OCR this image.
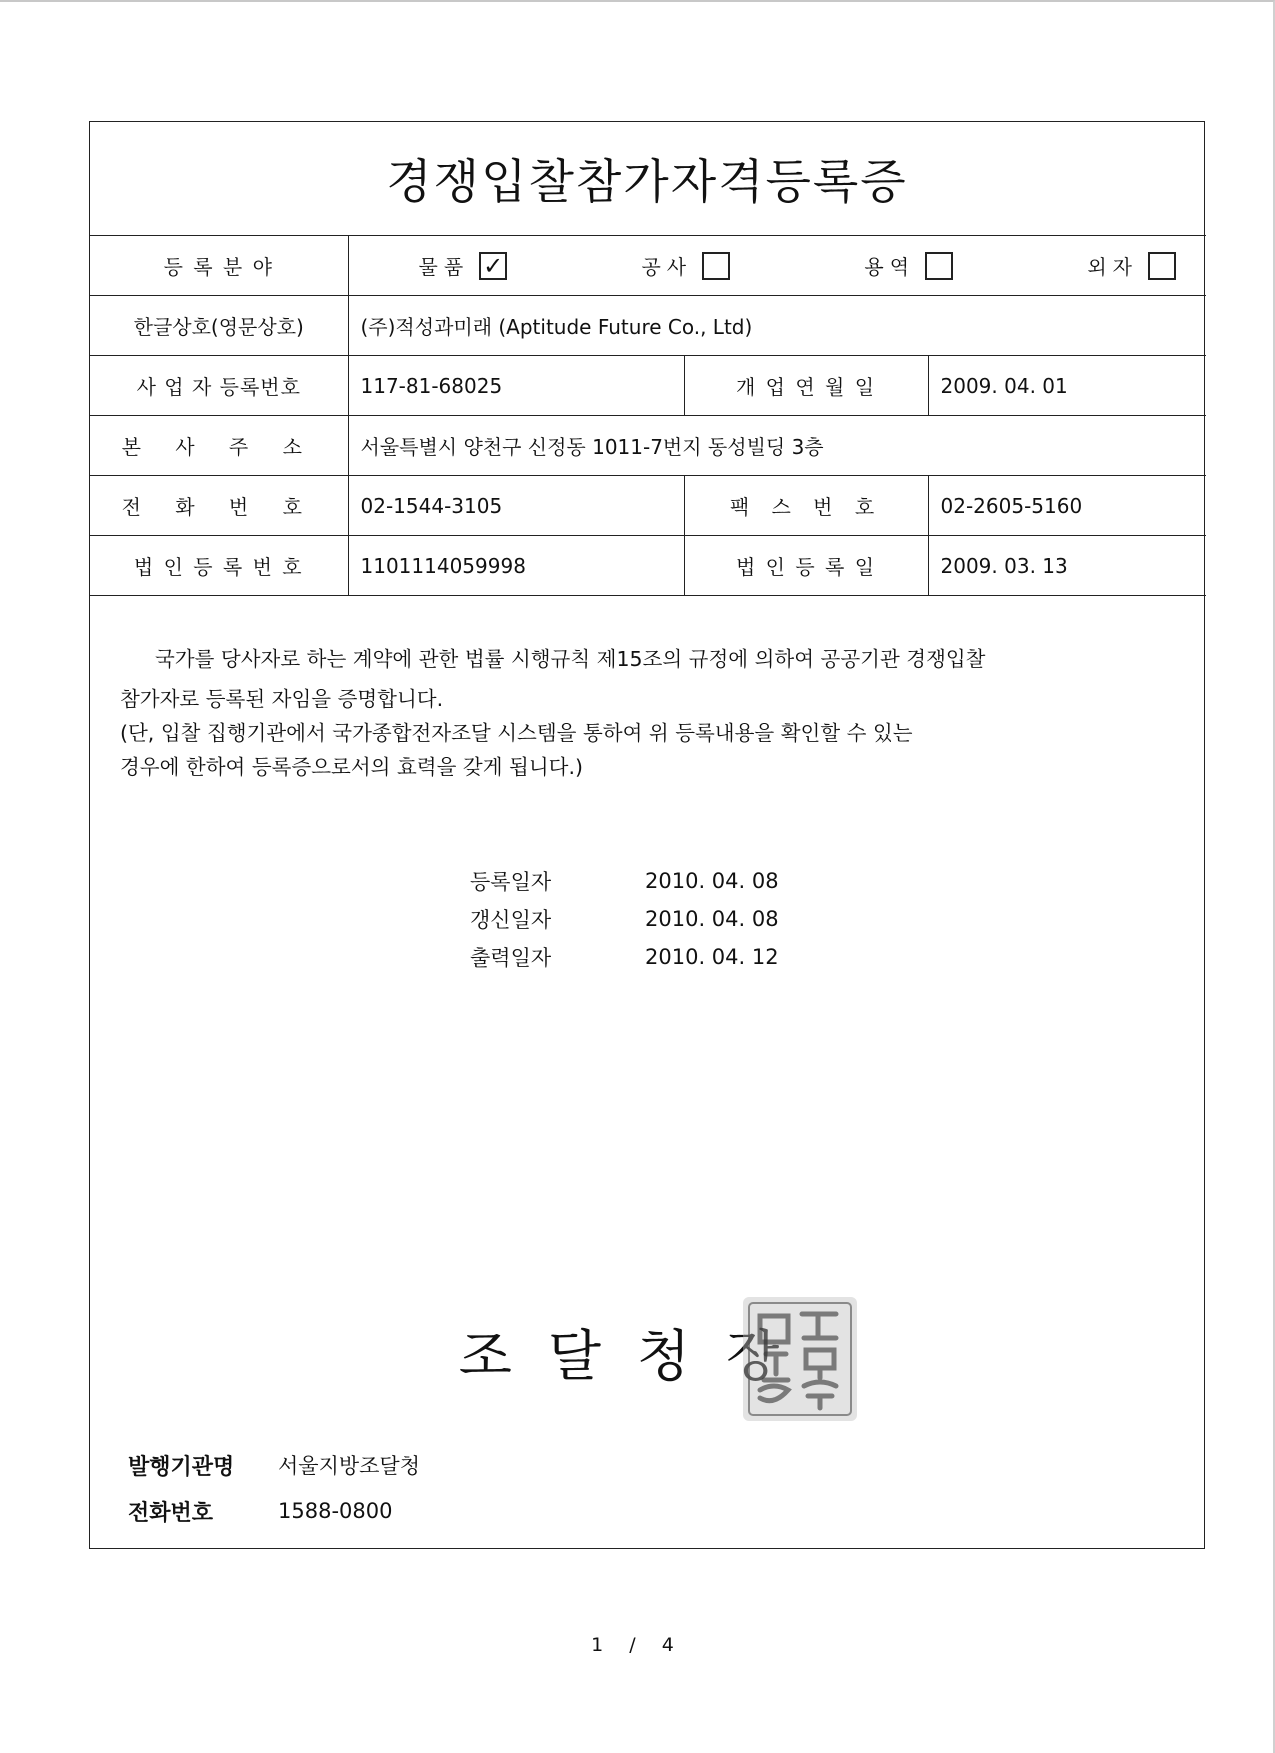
경쟁입찰참가자격등록증
등 록 분 야	물품 ✓ 공사 용역 외자		

한글상호(영문상호)	(주)적성과미래 (Aptitude Future Co., Ltd)		
사 업 자 등록번호	117-81-68025	개 업 연 월 일	2009. 04. 01
본 사 주 소	서울특별시 양천구 신정동 1011-7번지 동성빌딩 3층		
전 화 번 호	02-1544-3105	팩 스 번 호	02-2605-5160
법 인 등 록 번 호	1101114059998	법 인 등 록 일	2009. 03. 13

국가를 당사자로 하는 계약에 관한 법률 시행규칙 제15조의 규정에 의하여 공공기관 경쟁입찰

참가자로 등록된 자임을 증명합니다.

(단, 입찰 집행기관에서 국가종합전자조달 시스템을 통하여 위 등록내용을 확인할 수 있는

경우에 한하여 등록증으로서의 효력을 갖게 됩니다.)

등록일자	2010. 04. 08
갱신일자	2010. 04. 08
출력일자	2010. 04. 12
조달청장
발행기관명	서울지방조달청
전화번호	1588-0800
1 / 4
